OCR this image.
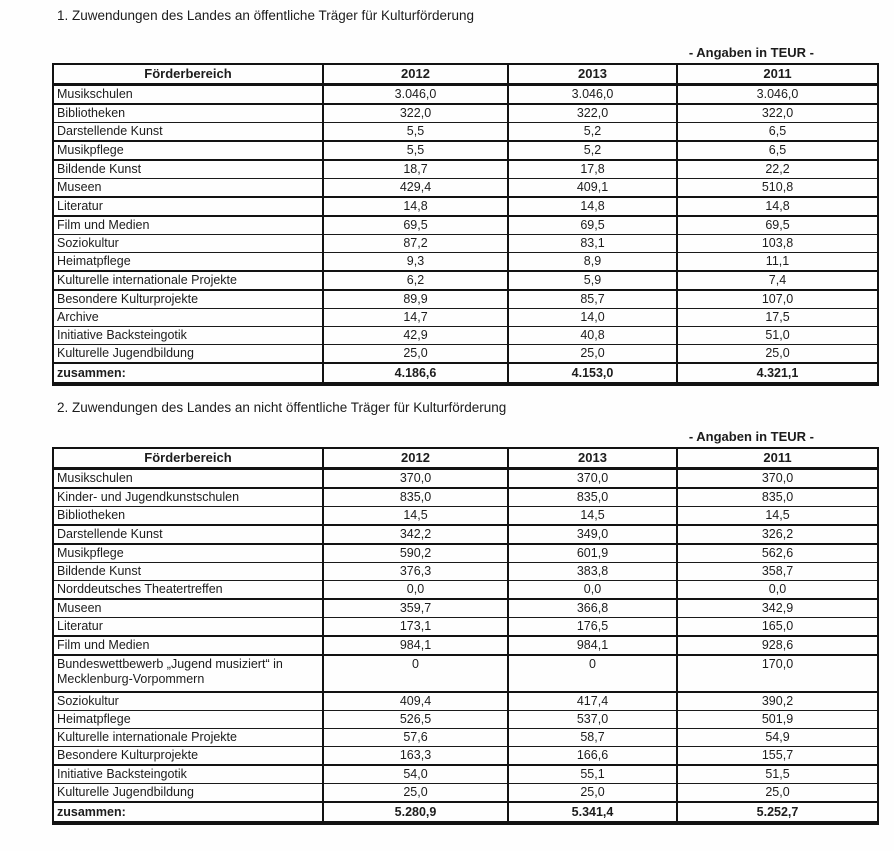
1. Zuwendungen des Landes an öffentliche Träger für Kulturförderung
- Angaben in TEUR -
Förderbereich	2012	2013	2011
Musikschulen	3.046,0	3.046,0	3.046,0
Bibliotheken	322,0	322,0	322,0
Darstellende Kunst	5,5	5,2	6,5
Musikpflege	5,5	5,2	6,5
Bildende Kunst	18,7	17,8	22,2
Museen	429,4	409,1	510,8
Literatur	14,8	14,8	14,8
Film und Medien	69,5	69,5	69,5
Soziokultur	87,2	83,1	103,8
Heimatpflege	9,3	8,9	11,1
Kulturelle internationale Projekte	6,2	5,9	7,4
Besondere Kulturprojekte	89,9	85,7	107,0
Archive	14,7	14,0	17,5
Initiative Backsteingotik	42,9	40,8	51,0
Kulturelle Jugendbildung	25,0	25,0	25,0
zusammen:	4.186,6	4.153,0	4.321,1
2. Zuwendungen des Landes an nicht öffentliche Träger für Kulturförderung
- Angaben in TEUR -
Förderbereich	2012	2013	2011
Musikschulen	370,0	370,0	370,0
Kinder- und Jugendkunstschulen	835,0	835,0	835,0
Bibliotheken	14,5	14,5	14,5
Darstellende Kunst	342,2	349,0	326,2
Musikpflege	590,2	601,9	562,6
Bildende Kunst	376,3	383,8	358,7
Norddeutsches Theatertreffen	0,0	0,0	0,0
Museen	359,7	366,8	342,9
Literatur	173,1	176,5	165,0
Film und Medien	984,1	984,1	928,6
Bundeswettbewerb „Jugend musiziert“ in Mecklenburg-Vorpommern	0	0	170,0
Soziokultur	409,4	417,4	390,2
Heimatpflege	526,5	537,0	501,9
Kulturelle internationale Projekte	57,6	58,7	54,9
Besondere Kulturprojekte	163,3	166,6	155,7
Initiative Backsteingotik	54,0	55,1	51,5
Kulturelle Jugendbildung	25,0	25,0	25,0
zusammen:	5.280,9	5.341,4	5.252,7
